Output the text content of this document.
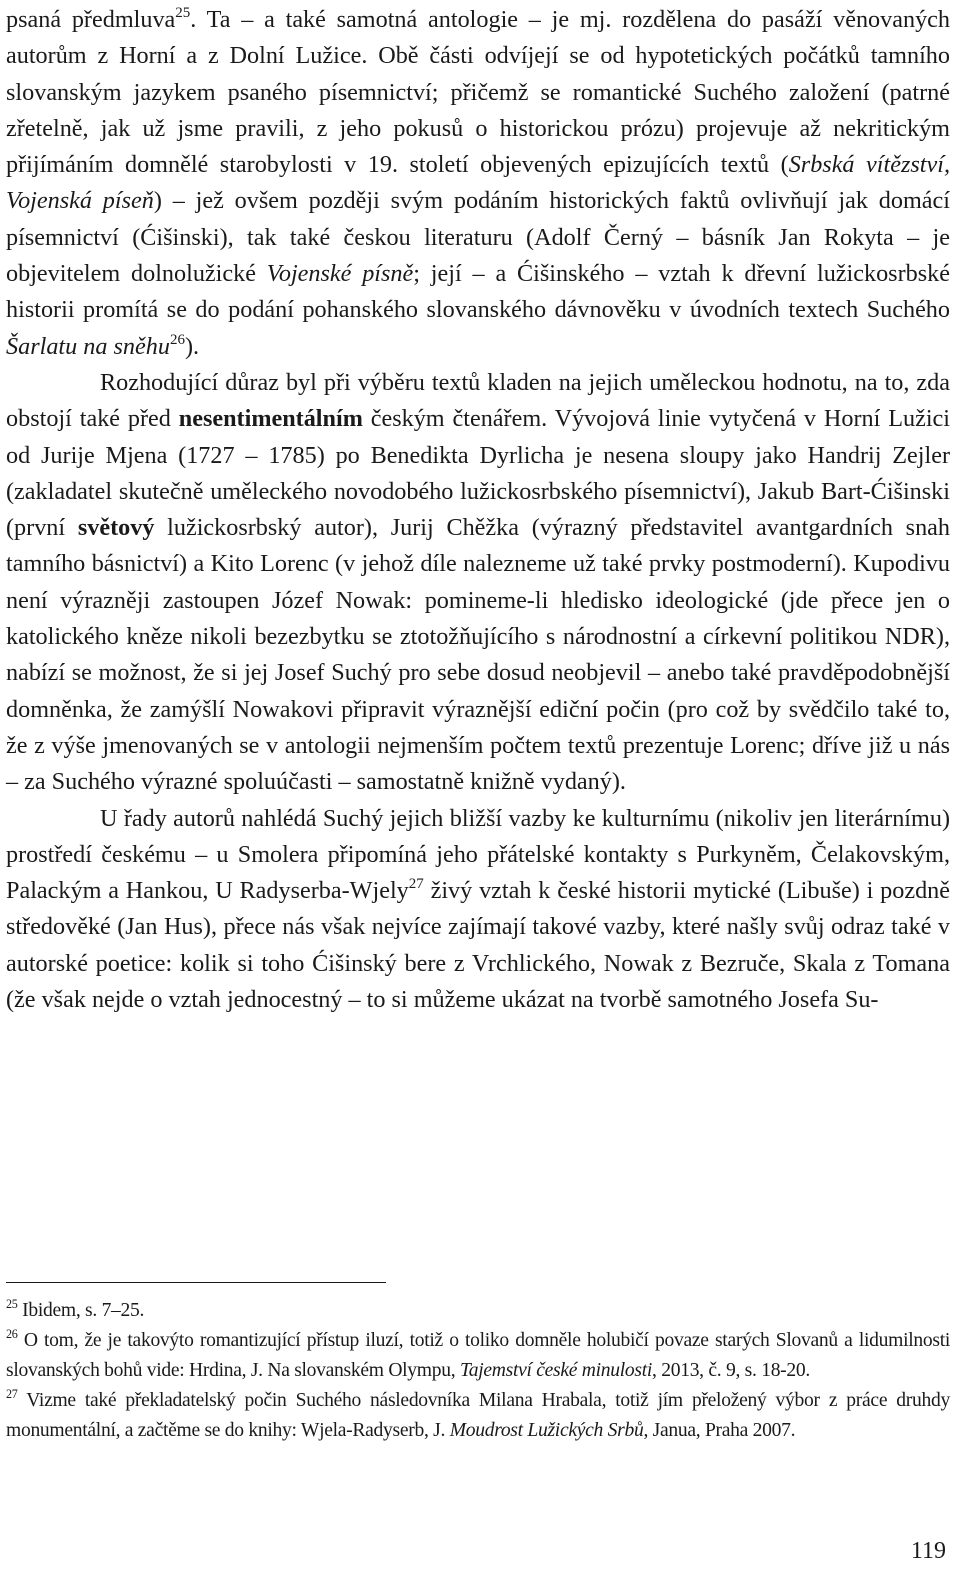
psaná předmluva$^{25}$. Ta – a také samotná antologie – je mj. rozdělena do pasáží věnovaných autorům z Horní a z Dolní Lužice. Obě části odvíjejí se od hypotetických počátků tamního slovanským jazykem psaného písemnictví; přičemž se romantické Suchého založení (patrné zřetelně, jak už jsme pravili, z jeho pokusů o historickou prózu) projevuje až nekritickým přijímáním domnělé starobylosti v 19. století objevených epizujících textů (Srbská vítězství, Vojenská píseň) – jež ovšem později svým podáním historických faktů ovlivňují jak domácí písemnictví (Ćišinski), tak také českou literaturu (Adolf Černý – básník Jan Rokyta – je objevitelem dolnolužické Vojenské písně; její – a Ćišinského – vztah k dřevní lužickosrbské historii promítá se do podání pohanského slovanského dávnověku v úvodních textech Suchého Šarlatu na sněhu$^{26}$).

Rozhodující důraz byl při výběru textů kladen na jejich uměleckou hodnotu, na to, zda obstojí také před nesentimentálním českým čtenářem. Vývojová linie vytyčená v Horní Lužici od Jurije Mjena (1727 – 1785) po Benedikta Dyrlicha je nesena sloupy jako Handrij Zejler (zakladatel skutečně uměleckého novodobého lužickosrbského písemnictví), Jakub Bart-Ćišinski (první světový lužickosrbský autor), Jurij Chěžka (výrazný představitel avantgardních snah tamního básnictví) a Kito Lorenc (v jehož díle nalezneme už také prvky postmoderní). Kupodivu není výrazněji zastoupen Józef Nowak: pomineme-li hledisko ideologické (jde přece jen o katolického kněze nikoli bezezbytku se ztotožňujícího s národnostní a církevní politikou NDR), nabízí se možnost, že si jej Josef Suchý pro sebe dosud neobjevil – anebo také pravděpodobnější domněnka, že zamýšlí Nowakovi připravit výraznější ediční počin (pro což by svědčilo také to, že z výše jmenovaných se v antologii nejmenším počtem textů prezentuje Lorenc; dříve již u nás – za Suchého výrazné spoluúčasti – samostatně knižně vydaný).

U řady autorů nahlédá Suchý jejich bližší vazby ke kulturnímu (nikoliv jen literárnímu) prostředí českému – u Smolera připomíná jeho přátelské kontakty s Purkyněm, Čelakovským, Palackým a Hankou, U Radyserba-Wjely$^{27}$ živý vztah k české historii mytické (Libuše) i pozdně středověké (Jan Hus), přece nás však nejvíce zajímají takové vazby, které našly svůj odraz také v autorské poetice: kolik si toho Ćišinský bere z Vrchlického, Nowak z Bezruče, Skala z Tomana (že však nejde o vztah jednocestný – to si můžeme ukázat na tvorbě samotného Josefa Su-

$^{25}$ Ibidem, s. 7–25.

$^{26}$ O tom, že je takovýto romantizující přístup iluzí, totiž o toliko domněle holubičí povaze starých Slovanů a lidumilnosti slovanských bohů vide: Hrdina, J. Na slovanském Olympu, Tajemství české minulosti, 2013, č. 9, s. 18-20.

$^{27}$ Vizme také překladatelský počin Suchého následovníka Milana Hrabala, totiž jím přeložený výbor z práce druhdy monumentální, a začtěme se do knihy: Wjela-Radyserb, J. Moudrost Lužických Srbů, Janua, Praha 2007.

119
